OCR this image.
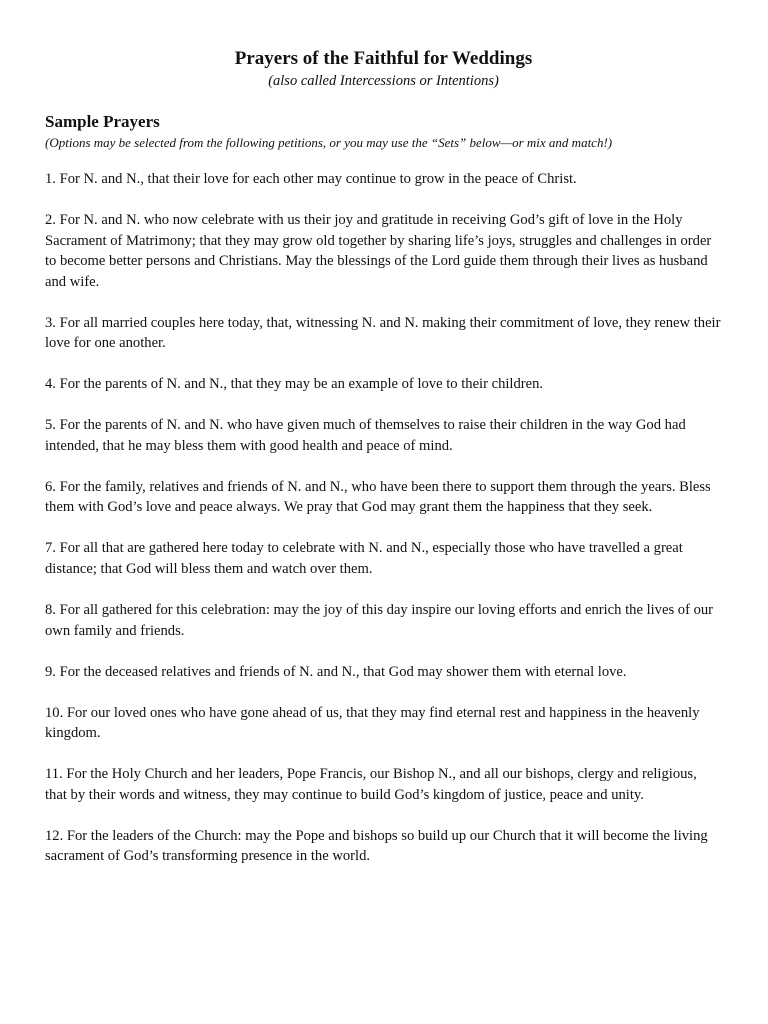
Prayers of the Faithful for Weddings

(also called Intercessions or Intentions)

Sample Prayers

(Options may be selected from the following petitions, or you may use the “Sets” below—or mix and match!)

1. For N. and N., that their love for each other may continue to grow in the peace of Christ.
2. For N. and N. who now celebrate with us their joy and gratitude in receiving God’s gift of love in the Holy Sacrament of Matrimony; that they may grow old together by sharing life’s joys, struggles and challenges in order to become better persons and Christians. May the blessings of the Lord guide them through their lives as husband and wife.
3. For all married couples here today, that, witnessing N. and N. making their commitment of love, they renew their love for one another.
4. For the parents of N. and N., that they may be an example of love to their children.
5. For the parents of N. and N. who have given much of themselves to raise their children in the way God had intended, that he may bless them with good health and peace of mind.
6. For the family, relatives and friends of N. and N., who have been there to support them through the years. Bless them with God’s love and peace always. We pray that God may grant them the happiness that they seek.
7. For all that are gathered here today to celebrate with N. and N., especially those who have travelled a great distance; that God will bless them and watch over them.
8. For all gathered for this celebration: may the joy of this day inspire our loving efforts and enrich the lives of our own family and friends.
9. For the deceased relatives and friends of N. and N., that God may shower them with eternal love.
10. For our loved ones who have gone ahead of us, that they may find eternal rest and happiness in the heavenly kingdom.
11. For the Holy Church and her leaders, Pope Francis, our Bishop N., and all our bishops, clergy and religious, that by their words and witness, they may continue to build God’s kingdom of justice, peace and unity.
12. For the leaders of the Church: may the Pope and bishops so build up our Church that it will become the living sacrament of God’s transforming presence in the world.
